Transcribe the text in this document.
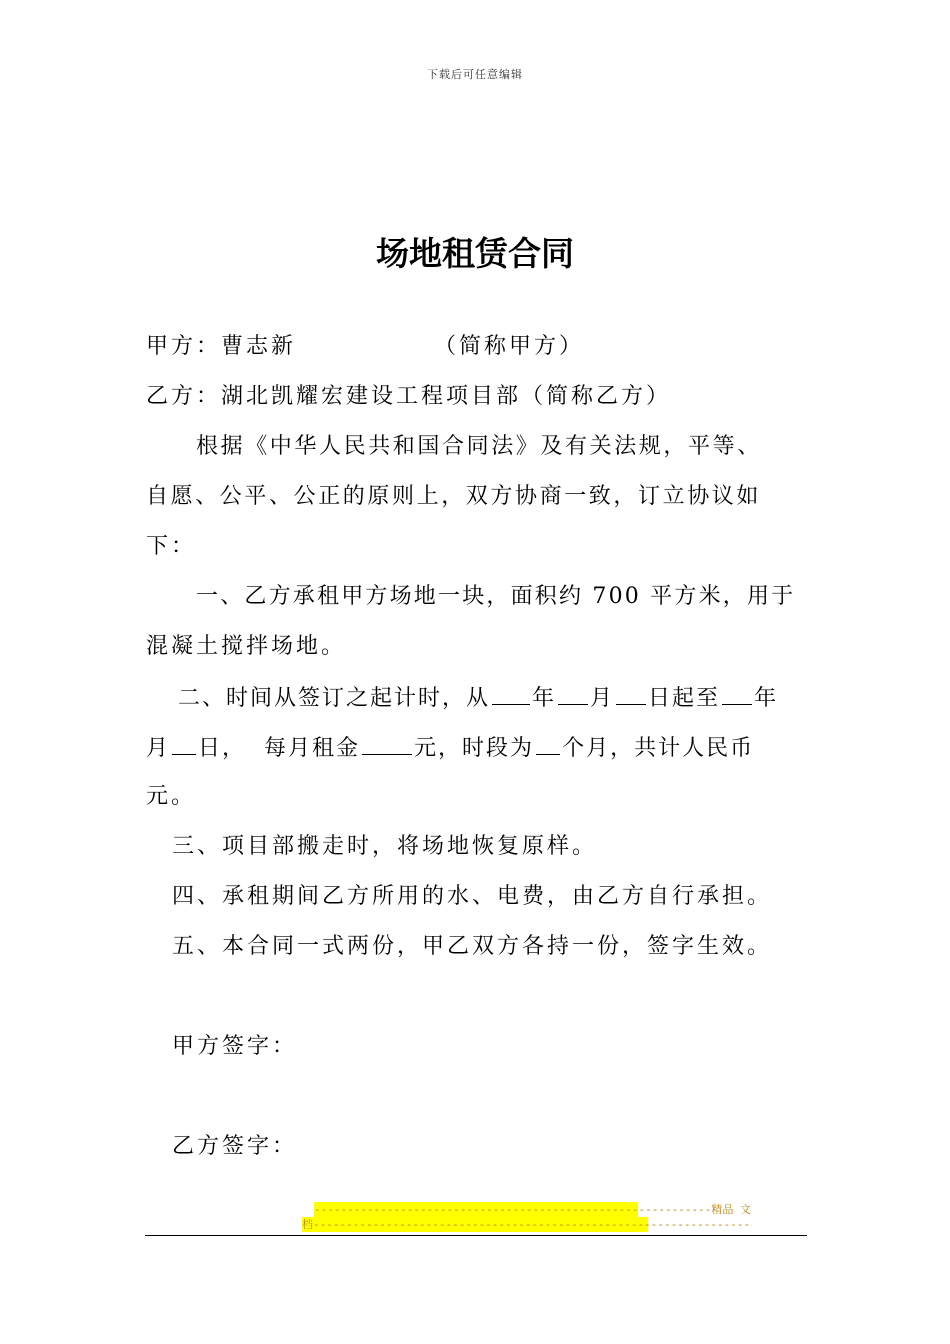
下载后可任意编辑
场地租赁合同
甲方：曹志新	（简称甲方）
乙方：湖北凯耀宏建设工程项目部（简称乙方）
根据《中华人民共和国合同法》及有关法规，平等、
自愿、公平、公正的原则上，双方协商一致，订立协议如
下：
一、乙方承租甲方场地一块，面积约 700 平方米，用于
混凝土搅拌场地。
二、时间从签订之起计时，从 年 月 日起至 年
月 日， 每月租金 元，时段为 个月，共计人民币
元。
三、项目部搬走时，将场地恢复原样。
四、承租期间乙方所用的水、电费，由乙方自行承担。
五、本合同一式两份，甲乙双方各持一份，签字生效。
甲方签字：
乙方签字：
------------------------------------------------------------精品 文
档------------------------------------------------------------------
